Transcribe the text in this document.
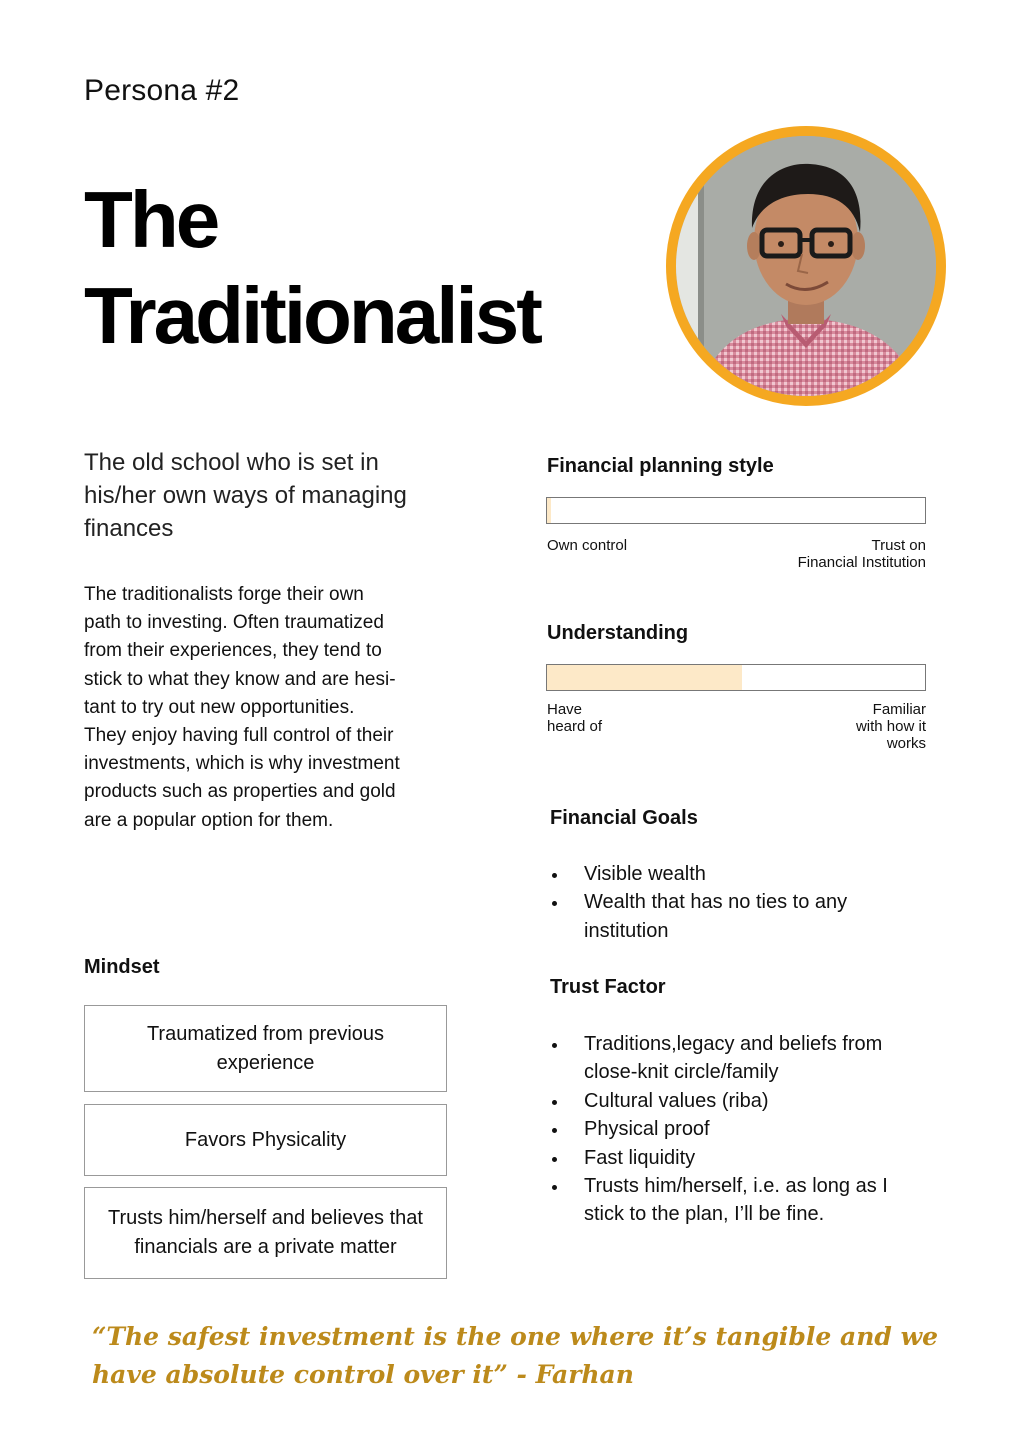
Persona #2
The
Traditionalist
The old school who is set in his/her own ways of managing finances
The traditionalists forge their own
path to investing. Often traumatized
from their experiences, they tend to
stick to what they know and are hesi-
tant to try out new opportunities.
They enjoy having full control of their
investments, which is why investment
products such as properties and gold
are a popular option for them.
Financial planning style
Own control	Trust on
Financial Institution
Understanding
Have
heard of
Familiar
with how it
works
Financial Goals
Visible wealth
Wealth that has no ties to any institution
Trust Factor
Traditions,legacy and beliefs from close-knit circle/family
Cultural values (riba)
Physical proof
Fast liquidity
Trusts him/herself, i.e. as long as I stick to the plan, I’ll be fine.
Mindset
Traumatized from previous experience
Favors Physicality
Trusts him/herself and believes that financials are a private matter
“The safest investment is the one where it’s tangible and we have absolute control over it” - Farhan
